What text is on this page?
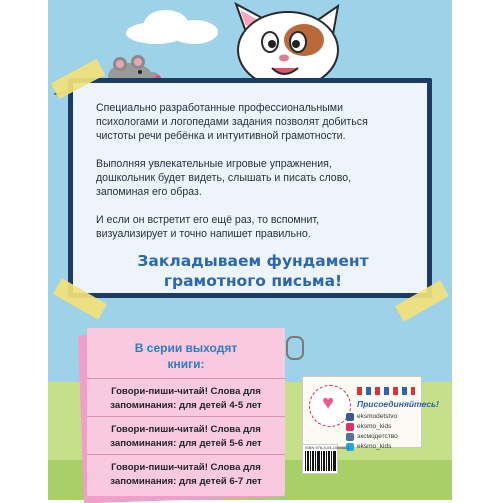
Специально разработанные профессиональными
психологами и логопедами задания позволят добиться
чистоты речи ребёнка и интуитивной грамотности.
Выполняя увлекательные игровые упражнения,
дошкольник будет видеть, слышать и писать слово,
запоминая его образ.
И если он встретит его ещё раз, то вспомнит,
визуализирует и точно напишет правильно.
Закладываем фундамент
грамотного письма!
В серии выходят
книги:
Говори-пиши-читай! Слова для
запоминания: для детей 4-5 лет
Говори-пиши-читай! Слова для
запоминания: для детей 5-6 лет
Говори-пиши-читай! Слова для
запоминания: для детей 6-7 лет
♥	Присоединяйтесь!
eksmodetstvo
eksmo_kids
эксмодетство
eksmo_kids
ISBN 978-5-04-108868-1
